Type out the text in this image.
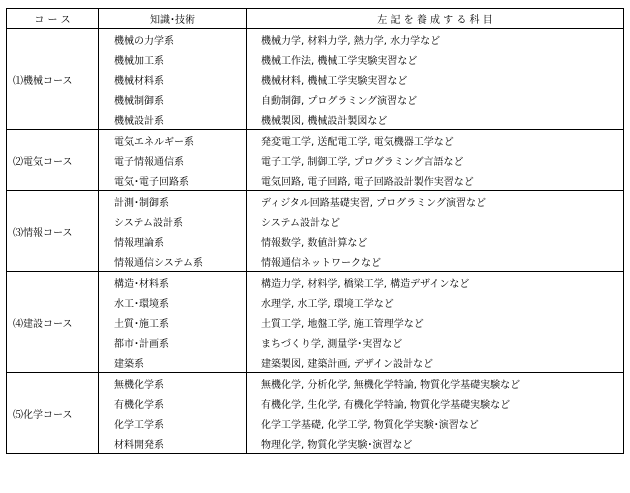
コ ー ス	知識･技術	左 記 を 養 成 す る 科 目
⑴機械コース	機械の力学系	機械力学, 材料力学, 熱力学, 水力学など
	機械加工系	機械工作法, 機械工学実験実習など
	機械材料系	機械材料, 機械工学実験実習など
	機械制御系	自動制御, プログラミング演習など
	機械設計系	機械製図, 機械設計製図など
⑵電気コース	電気エネルギー系	発変電工学, 送配電工学, 電気機器工学など
	電子情報通信系	電子工学, 制御工学, プログラミング言語など
	電気･電子回路系	電気回路, 電子回路, 電子回路設計製作実習など
⑶情報コース	計測･制御系	ディジタル回路基礎実習, プログラミング演習など
	システム設計系	システム設計など
	情報理論系	情報数学, 数値計算など
	情報通信システム系	情報通信ネットワークなど
⑷建設コース	構造･材料系	構造力学, 材料学, 橋梁工学, 構造デザインなど
	水工･環境系	水理学, 水工学, 環境工学など
	土質･施工系	土質工学, 地盤工学, 施工管理学など
	都市･計画系	まちづくり学, 測量学･実習など
	建築系	建築製図, 建築計画, デザイン設計など
⑸化学コース	無機化学系	無機化学, 分析化学, 無機化学特論, 物質化学基礎実験など
	有機化学系	有機化学, 生化学, 有機化学特論, 物質化学基礎実験など
	化学工学系	化学工学基礎, 化学工学, 物質化学実験･演習など
	材料開発系	物理化学, 物質化学実験･演習など
